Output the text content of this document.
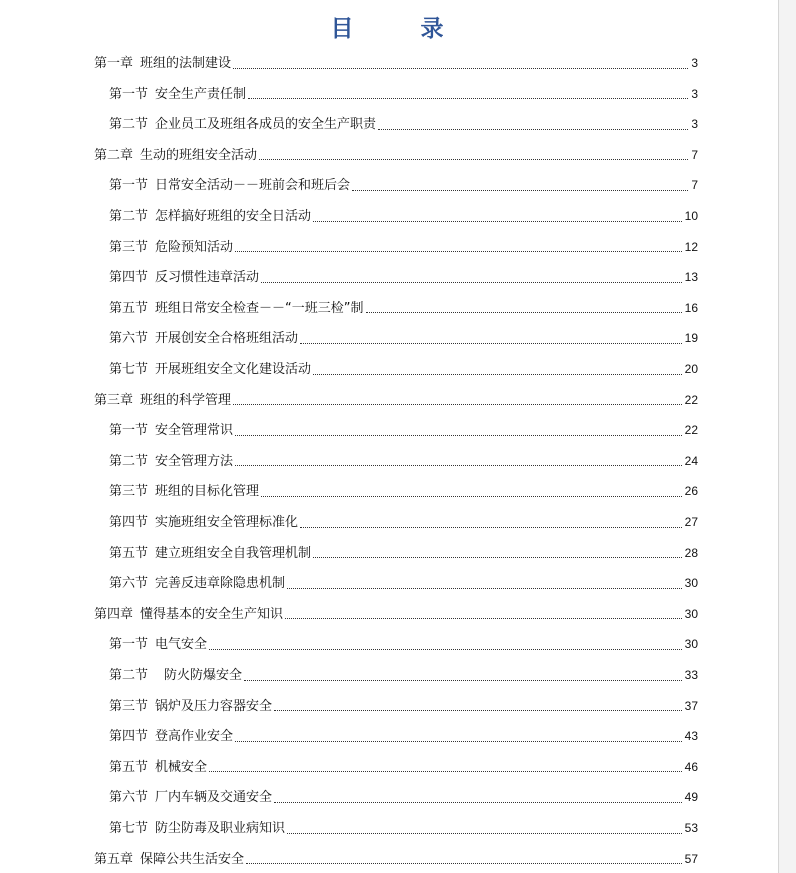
目　录
第一章 班组的法制建设	3
第一节 安全生产责任制	3
第二节 企业员工及班组各成员的安全生产职责	3
第二章 生动的班组安全活动	7
第一节 日常安全活动－－班前会和班后会	7
第二节 怎样搞好班组的安全日活动	10
第三节 危险预知活动	12
第四节 反习惯性违章活动	13
第五节 班组日常安全检查－－“一班三检”制	16
第六节 开展创安全合格班组活动	19
第七节 开展班组安全文化建设活动	20
第三章 班组的科学管理	22
第一节 安全管理常识	22
第二节 安全管理方法	24
第三节 班组的目标化管理	26
第四节 实施班组安全管理标准化	27
第五节 建立班组安全自我管理机制	28
第六节 完善反违章除隐患机制	30
第四章 懂得基本的安全生产知识	30
第一节 电气安全	30
第二节 防火防爆安全	33
第三节 锅炉及压力容器安全	37
第四节 登高作业安全	43
第五节 机械安全	46
第六节 厂内车辆及交通安全	49
第七节 防尘防毒及职业病知识	53
第五章 保障公共生活安全	57
